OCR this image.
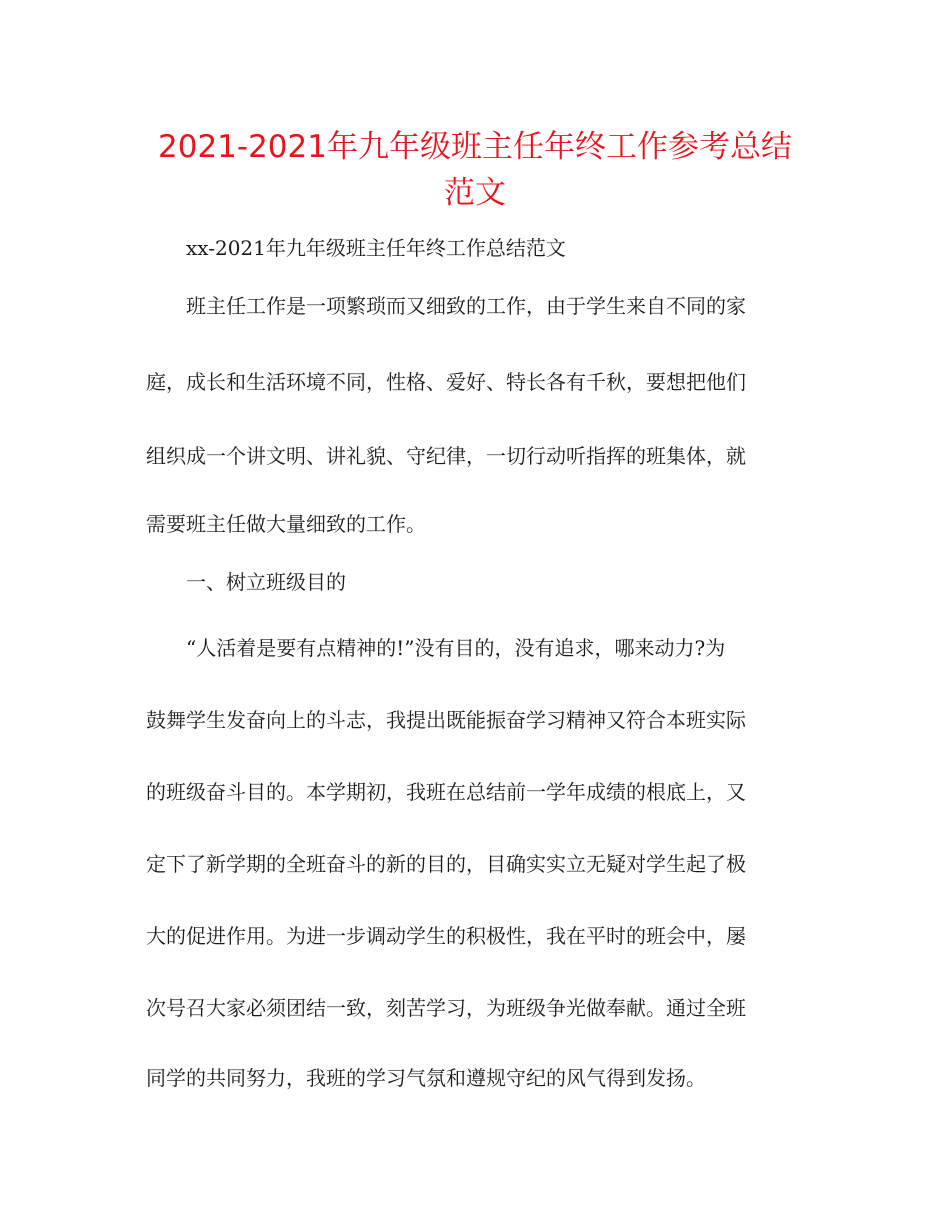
2021-2021年九年级班主任年终工作参考总结
范文

xx-2021年九年级班主任年终工作总结范文

班主任工作是一项繁琐而又细致的工作，由于学生来自不同的家

庭，成长和生活环境不同，性格、爱好、特长各有千秋，要想把他们

组织成一个讲文明、讲礼貌、守纪律，一切行动听指挥的班集体，就

需要班主任做大量细致的工作。

一、树立班级目的

“人活着是要有点精神的!”没有目的，没有追求，哪来动力?为

鼓舞学生发奋向上的斗志，我提出既能振奋学习精神又符合本班实际

的班级奋斗目的。本学期初，我班在总结前一学年成绩的根底上，又

定下了新学期的全班奋斗的新的目的，目确实实立无疑对学生起了极

大的促进作用。为进一步调动学生的积极性，我在平时的班会中，屡

次号召大家必须团结一致，刻苦学习，为班级争光做奉献。通过全班

同学的共同努力，我班的学习气氛和遵规守纪的风气得到发扬。
